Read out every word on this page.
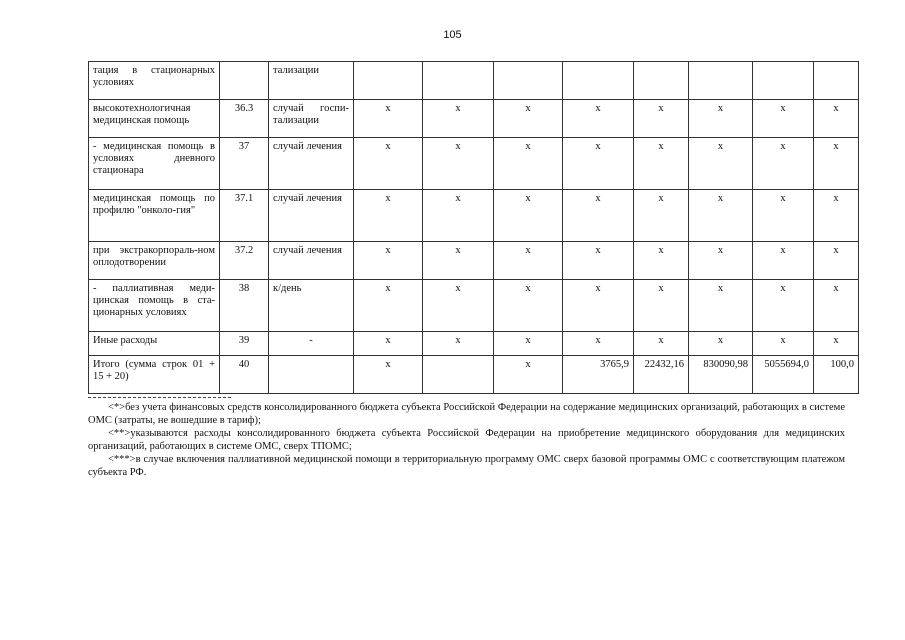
105
тация в стационарных условиях		тализации								
высокотехнологичная медицинская помощь	36.3	случай госпи-тализации	х	х	х	х	х	х	х	х
- медицинская помощь в условиях дневного стационара	37	случай лечения	х	х	х	х	х	х	х	х
медицинская помощь по профилю "онколо-гия"	37.1	случай лечения	х	х	х	х	х	х	х	х
при экстракорпораль-ном оплодотворении	37.2	случай лечения	х	х	х	х	х	х	х	х
- паллиативная меди-цинская помощь в ста-ционарных условиях	38	к/день	х	х	х	х	х	х	х	х
Иные расходы	39	-	х	х	х	х	х	х	х	х
Итого (сумма строк 01 + 15 + 20)	40		х		х	3765,9	22432,16	830090,98	5055694,0	100,0

<*>без учета финансовых средств консолидированного бюджета субъекта Российской Федерации на содержание медицинских организаций, работающих в системе ОМС (затраты, не вошедшие в тариф);

<**>указываются расходы консолидированного бюджета субъекта Российской Федерации на приобретение медицинского оборудования для медицинских организаций, работающих в системе ОМС, сверх ТПОМС;

<***>в случае включения паллиативной медицинской помощи в территориальную программу ОМС сверх базовой программы ОМС с соответствующим платежом субъекта РФ.
